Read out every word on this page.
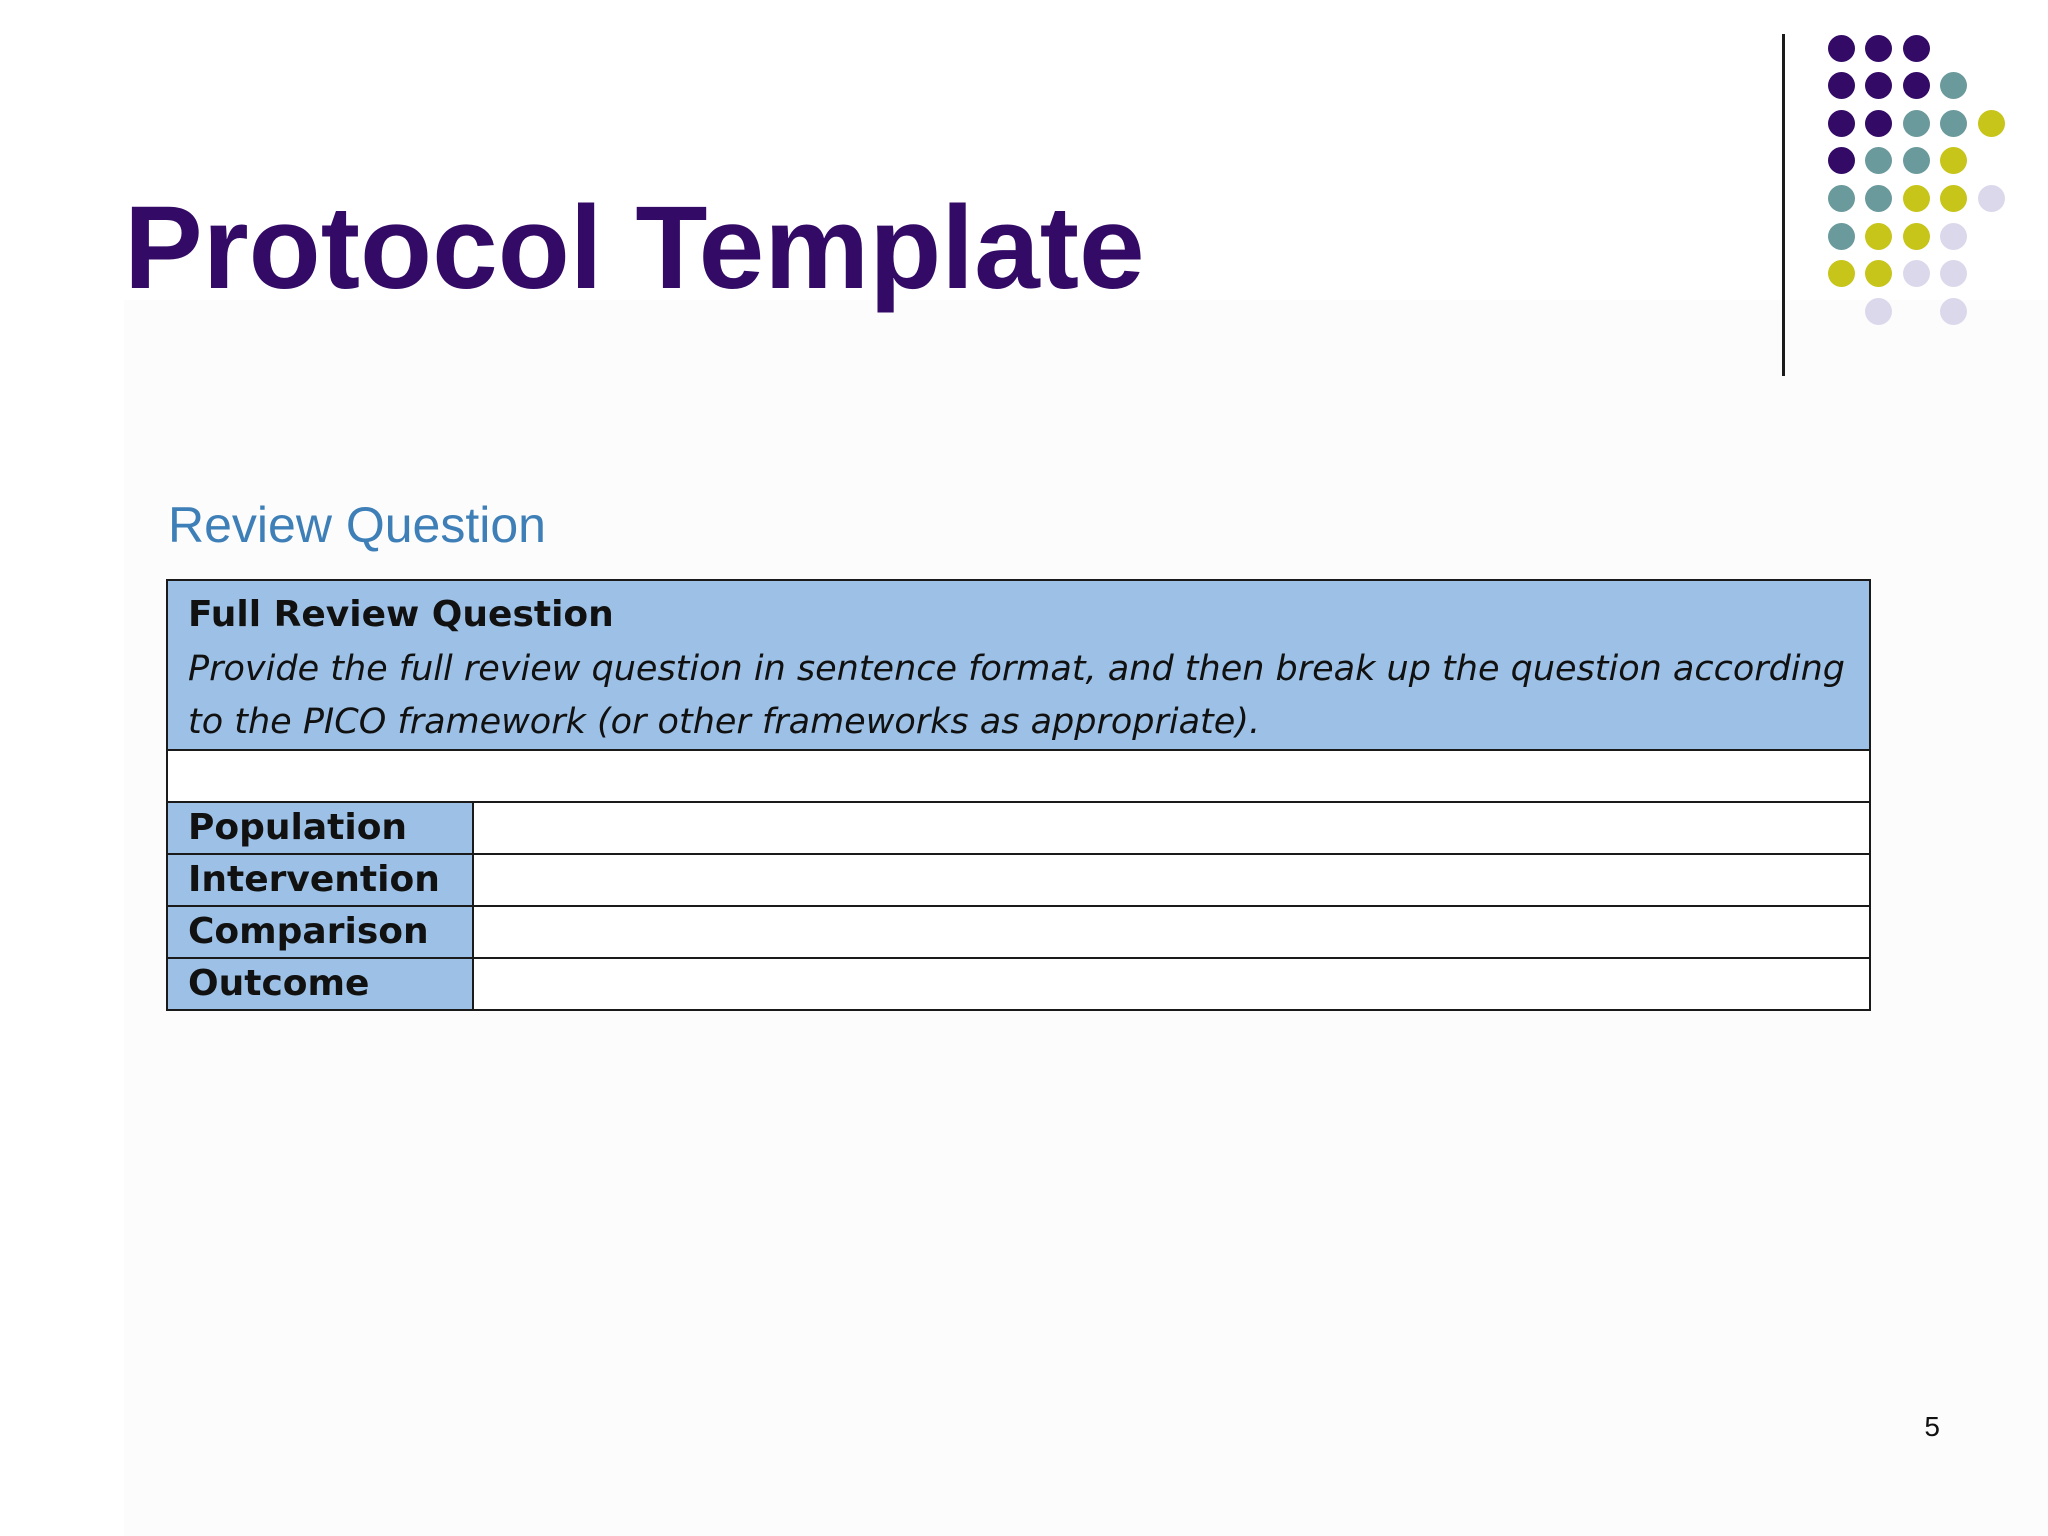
Protocol Template
Review Question
Full Review Question
Provide the full review question in sentence format, and then break up the question according to the PICO framework (or other frameworks as appropriate).	

Population	
Intervention	
Comparison	
Outcome	
5
